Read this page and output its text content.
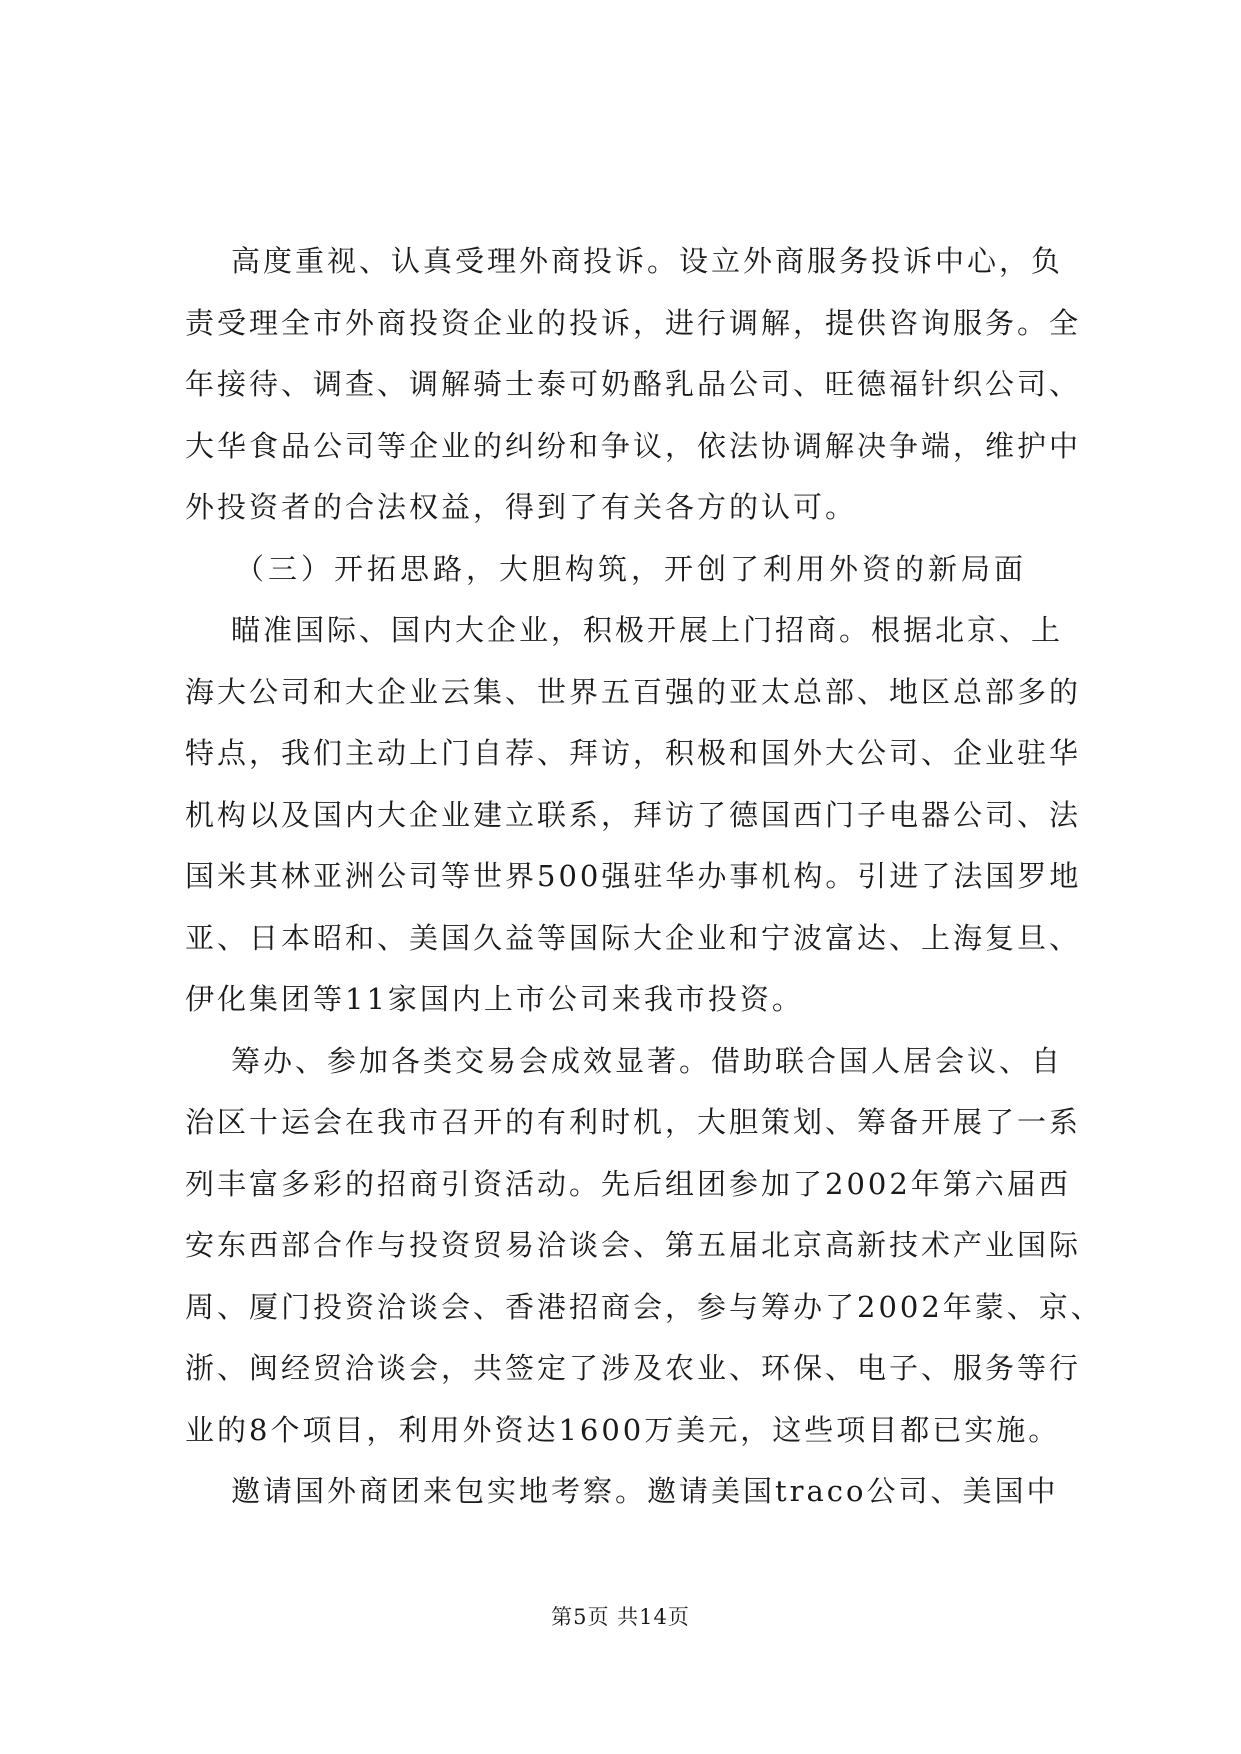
高度重视、认真受理外商投诉。设立外商服务投诉中心，负
责受理全市外商投资企业的投诉，进行调解，提供咨询服务。全
年接待、调查、调解骑士泰可奶酪乳品公司、旺德福针织公司、
大华食品公司等企业的纠纷和争议，依法协调解决争端，维护中
外投资者的合法权益，得到了有关各方的认可。
（三）开拓思路，大胆构筑，开创了利用外资的新局面
瞄准国际、国内大企业，积极开展上门招商。根据北京、上
海大公司和大企业云集、世界五百强的亚太总部、地区总部多的
特点，我们主动上门自荐、拜访，积极和国外大公司、企业驻华
机构以及国内大企业建立联系，拜访了德国西门子电器公司、法
国米其林亚洲公司等世界500强驻华办事机构。引进了法国罗地
亚、日本昭和、美国久益等国际大企业和宁波富达、上海复旦、
伊化集团等11家国内上市公司来我市投资。
筹办、参加各类交易会成效显著。借助联合国人居会议、自
治区十运会在我市召开的有利时机，大胆策划、筹备开展了一系
列丰富多彩的招商引资活动。先后组团参加了2002年第六届西
安东西部合作与投资贸易洽谈会、第五届北京高新技术产业国际
周、厦门投资洽谈会、香港招商会，参与筹办了2002年蒙、京、
浙、闽经贸洽谈会，共签定了涉及农业、环保、电子、服务等行
业的8个项目，利用外资达1600万美元，这些项目都已实施。
邀请国外商团来包实地考察。邀请美国traco公司、美国中
第5页 共14页
